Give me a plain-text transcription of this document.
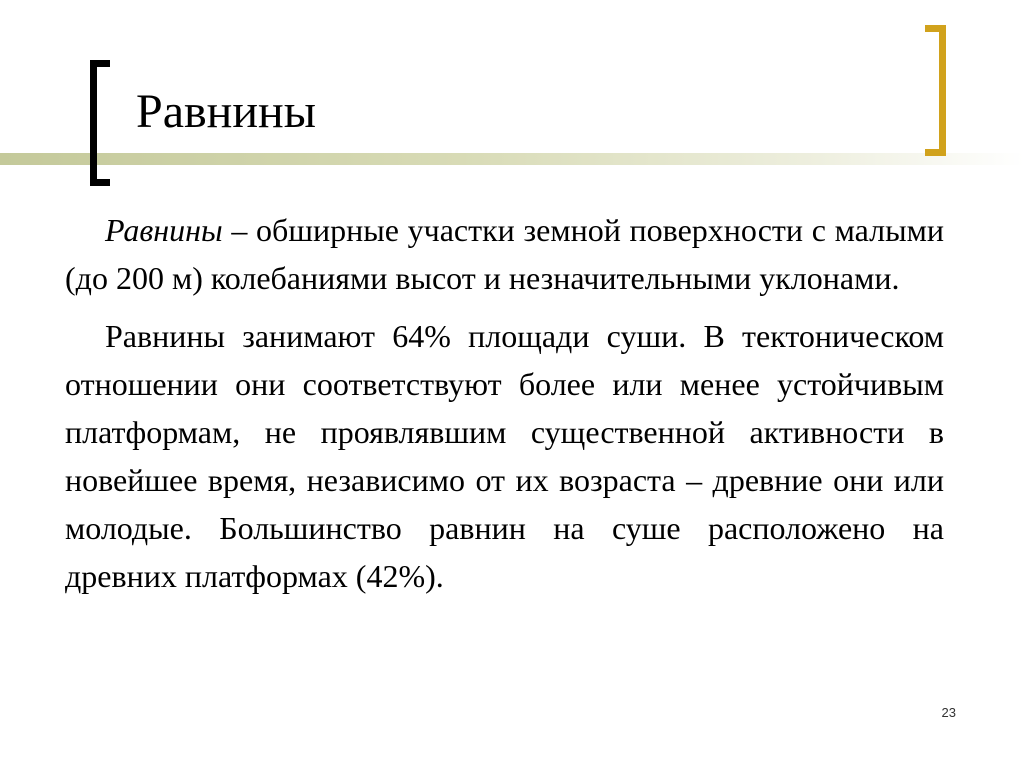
Равнины

Равнины – обширные участки земной поверхности с малыми (до 200 м) колебаниями высот и незначительными уклонами.

Равнины занимают 64% площади суши. В тектоническом отношении они соответствуют более или менее устойчивым платформам, не проявлявшим существенной активности в новейшее время, независимо от их возраста – древние они или молодые. Большинство равнин на суше расположено на древних платформах (42%).

23
